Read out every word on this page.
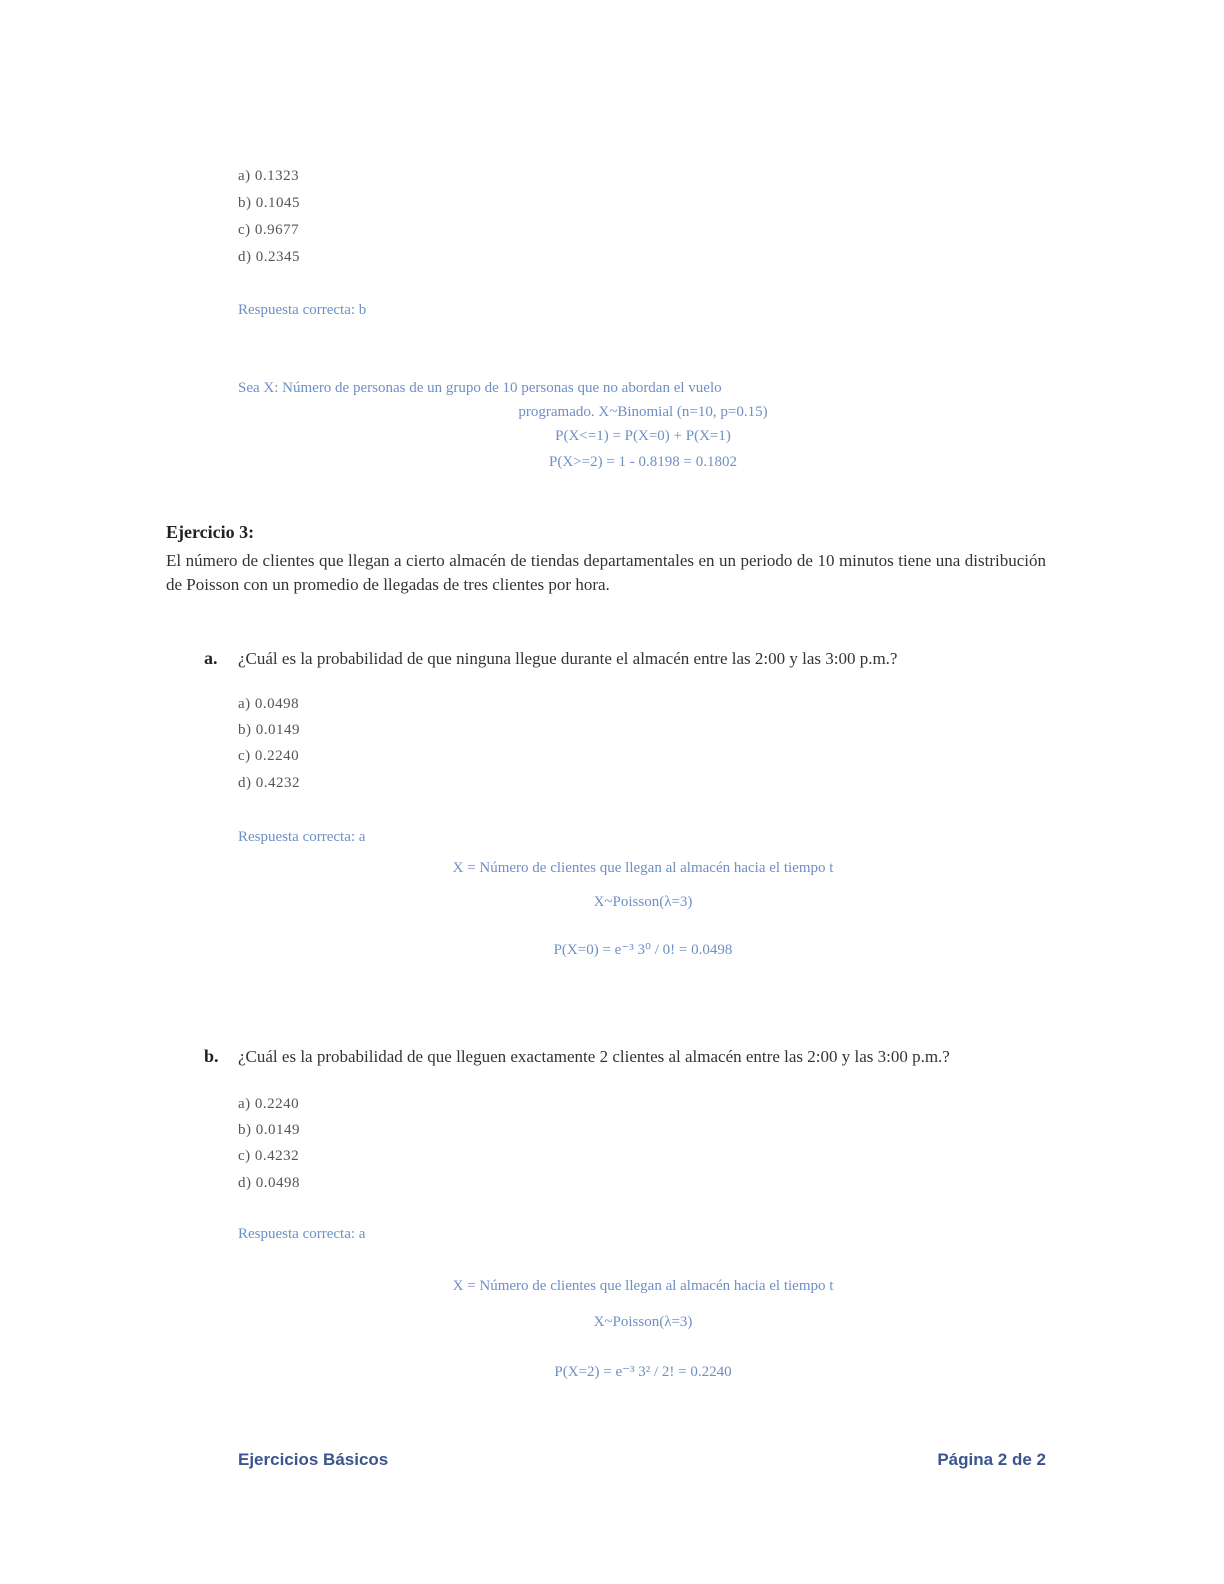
a) 0.1323
b) 0.1045
c) 0.9677
d) 0.2345
Respuesta correcta: b
Sea X: Número de personas de un grupo de 10 personas que no abordan el vuelo
programado. X~Binomial (n=10, p=0.15)
P(X<=1) = P(X=0) + P(X=1)
P(X>=2) = 1 - 0.8198 = 0.1802
Ejercicio 3:
El número de clientes que llegan a cierto almacén de tiendas departamentales en un periodo de 10 minutos tiene una distribución de Poisson con un promedio de llegadas de tres clientes por hora.
a. ¿Cuál es la probabilidad de que ninguna llegue durante el almacén entre las 2:00 y las 3:00 p.m.?
a) 0.0498
b) 0.0149
c) 0.2240
d) 0.4232
Respuesta correcta: a
X = Número de clientes que llegan al almacén hacia el tiempo t
X~Poisson(λ=3)
P(X=0) = e⁻³ 3⁰ / 0! = 0.0498
b. ¿Cuál es la probabilidad de que lleguen exactamente 2 clientes al almacén entre las 2:00 y las 3:00 p.m.?
a) 0.2240
b) 0.0149
c) 0.4232
d) 0.0498
Respuesta correcta: a
X = Número de clientes que llegan al almacén hacia el tiempo t
X~Poisson(λ=3)
P(X=2) = e⁻³ 3² / 2! = 0.2240
Ejercicios Básicos	Página 2 de 2
